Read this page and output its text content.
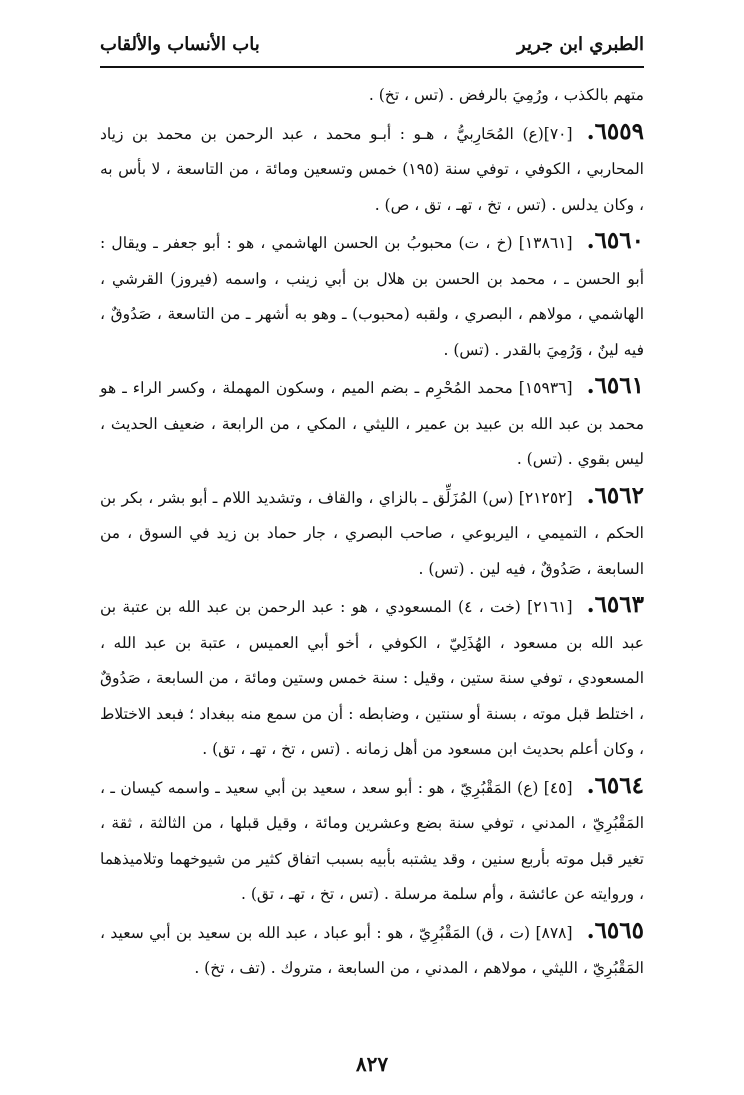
الطبري ابن جرير
باب الأنساب والألقاب

متهم بالكذب ، ورُمِيَ بالرفض . (تس ، تخ) .

٦٥٥٩.[٧٠](ع) المُحَارِبيُّ ، هـو : أبـو محمد ، عبد الرحمن بن محمد بن زياد المحاربي ، الكوفي ، توفي سنة (١٩٥) خمس وتسعين ومائة ، من التاسعة ، لا بأس به ، وكان يدلس . (تس ، تخ ، تهـ ، تق ، ص) .

٦٥٦٠.[١٣٨٦١] (خ ، ت) محبوبُ بن الحسن الهاشمي ، هو : أبو جعفر ـ ويقال : أبو الحسن ـ ، محمد بن الحسن بن هلال بن أبي زينب ، واسمه (فيروز) القرشي ، الهاشمي ، مولاهم ، البصري ، ولقبه (محبوب) ـ وهو به أشهر ـ من التاسعة ، صَدُوقٌ ، فيه لينٌ ، وَرُمِيَ بالقدر . (تس) .

٦٥٦١.[١٥٩٣٦] محمد المُحْرِم ـ بضم الميم ، وسكون المهملة ، وكسر الراء ـ هو محمد بن عبد الله بن عبيد بن عمير ، الليثي ، المكي ، من الرابعة ، ضعيف الحديث ، ليس بقوي . (تس) .

٦٥٦٢.[٢١٢٥٢] (س) المُزَلِّق ـ بالزاي ، والقاف ، وتشديد اللام ـ أبو بشر ، بكر بن الحكم ، التميمي ، اليربوعي ، صاحب البصري ، جار حماد بن زيد في السوق ، من السابعة ، صَدُوقٌ ، فيه لين . (تس) .

٦٥٦٣.[٢١٦١] (خت ، ٤) المسعودي ، هو : عبد الرحمن بن عبد الله بن عتبة بن عبد الله بن مسعود ، الهُذَلِيّ ، الكوفي ، أخو أبي العميس ، عتبة بن عبد الله ، المسعودي ، توفي سنة ستين ، وقيل : سنة خمس وستين ومائة ، من السابعة ، صَدُوقٌ ، اختلط قبل موته ، بسنة أو سنتين ، وضابطه : أن من سمع منه ببغداد ؛ فبعد الاختلاط ، وكان أعلم بحديث ابن مسعود من أهل زمانه . (تس ، تخ ، تهـ ، تق) .

٦٥٦٤.[٤٥] (ع) المَقْبُرِيّ ، هو : أبو سعد ، سعيد بن أبي سعيد ـ واسمه كيسان ـ ، المَقْبُرِيّ ، المدني ، توفي سنة بضع وعشرين ومائة ، وقيل قبلها ، من الثالثة ، ثقة ، تغير قبل موته بأربع سنين ، وقد يشتبه بأبيه بسبب اتفاق كثير من شيوخهما وتلاميذهما ، وروايته عن عائشة ، وأم سلمة مرسلة . (تس ، تخ ، تهـ ، تق) .

٦٥٦٥.[٨٧٨] (ت ، ق) المَقْبُرِيّ ، هو : أبو عباد ، عبد الله بن سعيد بن أبي سعيد ، المَقْبُرِيّ ، الليثي ، مولاهم ، المدني ، من السابعة ، متروك . (تف ، تخ) .

٨٢٧
